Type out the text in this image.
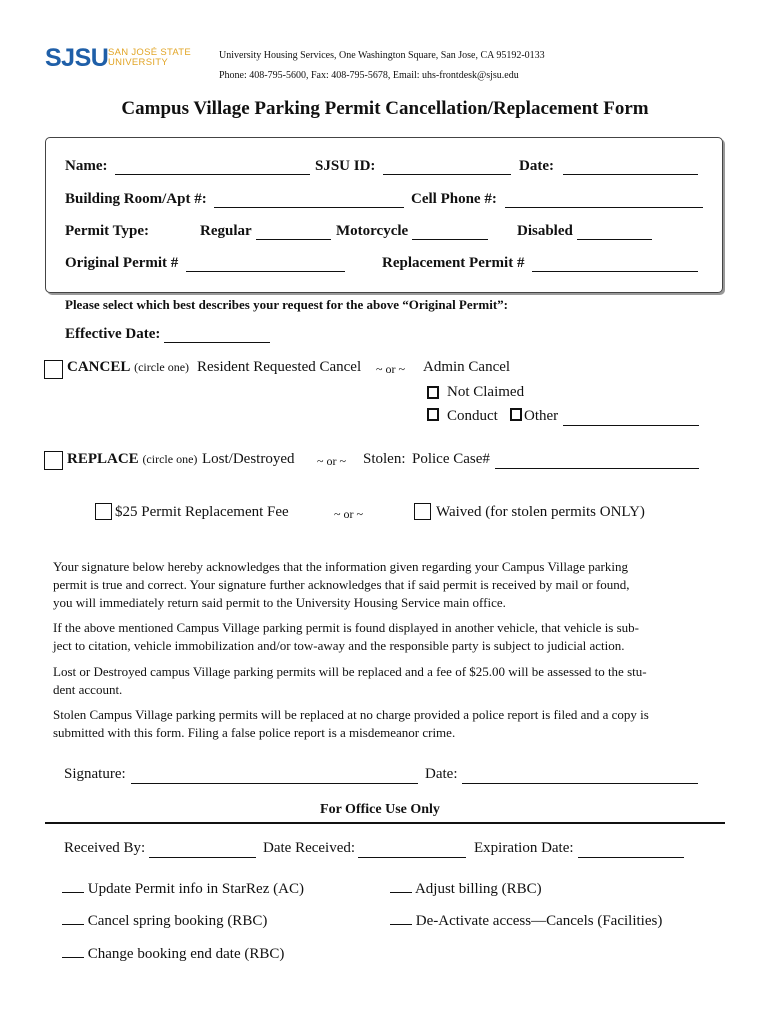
SJSU SAN JOSÉ STATE
UNIVERSITY
University Housing Services, One Washington Square, San Jose, CA 95192-0133
Phone: 408-795-5600, Fax: 408-795-5678, Email: uhs-frontdesk@sjsu.edu
Campus Village Parking Permit Cancellation/Replacement Form
Name:	SJSU ID:	Date:
Building Room/Apt #:	Cell Phone #:
Permit Type:	Regular	Motorcycle	Disabled
Original Permit #	Replacement Permit #
Please select which best describes your request for the above “Original Permit”:
Effective Date:
CANCEL (circle one) Resident Requested Cancel ~ or ~ Admin Cancel
Not Claimed
Conduct Other
REPLACE (circle one) Lost/Destroyed ~ or ~ Stolen: Police Case#
$25 Permit Replacement Fee	~ or ~	Waived (for stolen permits ONLY)
Your signature below hereby acknowledges that the information given regarding your Campus Village parking
permit is true and correct. Your signature further acknowledges that if said permit is received by mail or found,
you will immediately return said permit to the University Housing Service main office.
If the above mentioned Campus Village parking permit is found displayed in another vehicle, that vehicle is sub-
ject to citation, vehicle immobilization and/or tow-away and the responsible party is subject to judicial action.
Lost or Destroyed campus Village parking permits will be replaced and a fee of $25.00 will be assessed to the stu-
dent account.
Stolen Campus Village parking permits will be replaced at no charge provided a police report is filed and a copy is
submitted with this form. Filing a false police report is a misdemeanor crime.
Signature:	Date:
For Office Use Only
Received By:	Date Received:	Expiration Date:
Update Permit info in StarRez (AC)	Adjust billing (RBC)
Cancel spring booking (RBC)	De-Activate access—Cancels (Facilities)
Change booking end date (RBC)
